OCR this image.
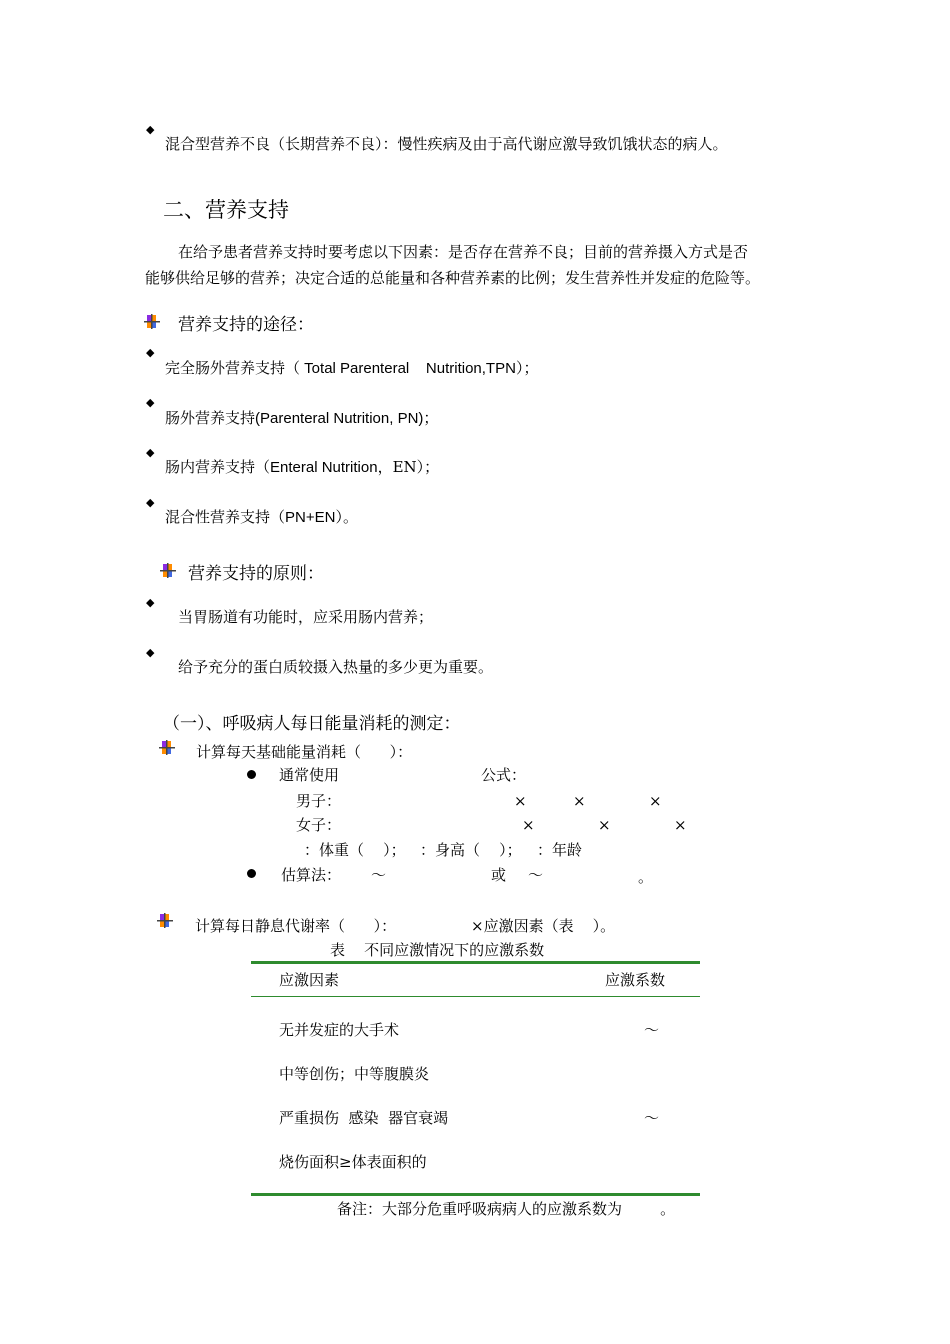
◆
混合型营养不良（长期营养不良）：慢性疾病及由于高代谢应激导致饥饿状态的病人。
二、营养支持
在给予患者营养支持时要考虑以下因素：是否存在营养不良；目前的营养摄入方式是否
能够供给足够的营养；决定合适的总能量和各种营养素的比例；发生营养性并发症的危险等。
营养支持的途径：
◆
完全肠外营养支持（ Total Parenteral    Nutrition,TPN）；
◆
肠外营养支持(Parenteral Nutrition, PN)；
◆
肠内营养支持（Enteral Nutrition，EN）；
◆
混合性营养支持（PN+EN）。
营养支持的原则：
◆
当胃肠道有功能时，应采用肠内营养；
◆
给予充分的蛋白质较摄入热量的多少更为重要。
（一）、呼吸病人每日能量消耗的测定：
计算每天基础能量消耗（      ）：
通常使用	公式：
男子：	×	×	×
女子：	×	×	×
：体重（    ）； ：身高（    ）； ：年龄
估算法： ～	或 ～	。
计算每日静息代谢率（      ）：	×应激因素（表    ）。
表    不同应激情况下的应激系数
应激因素	应激系数
无并发症的大手术	～
中等创伤；中等腹膜炎
严重损伤  感染  器官衰竭	～
烧伤面积≥体表面积的
备注：大部分危重呼吸病病人的应激系数为        。
